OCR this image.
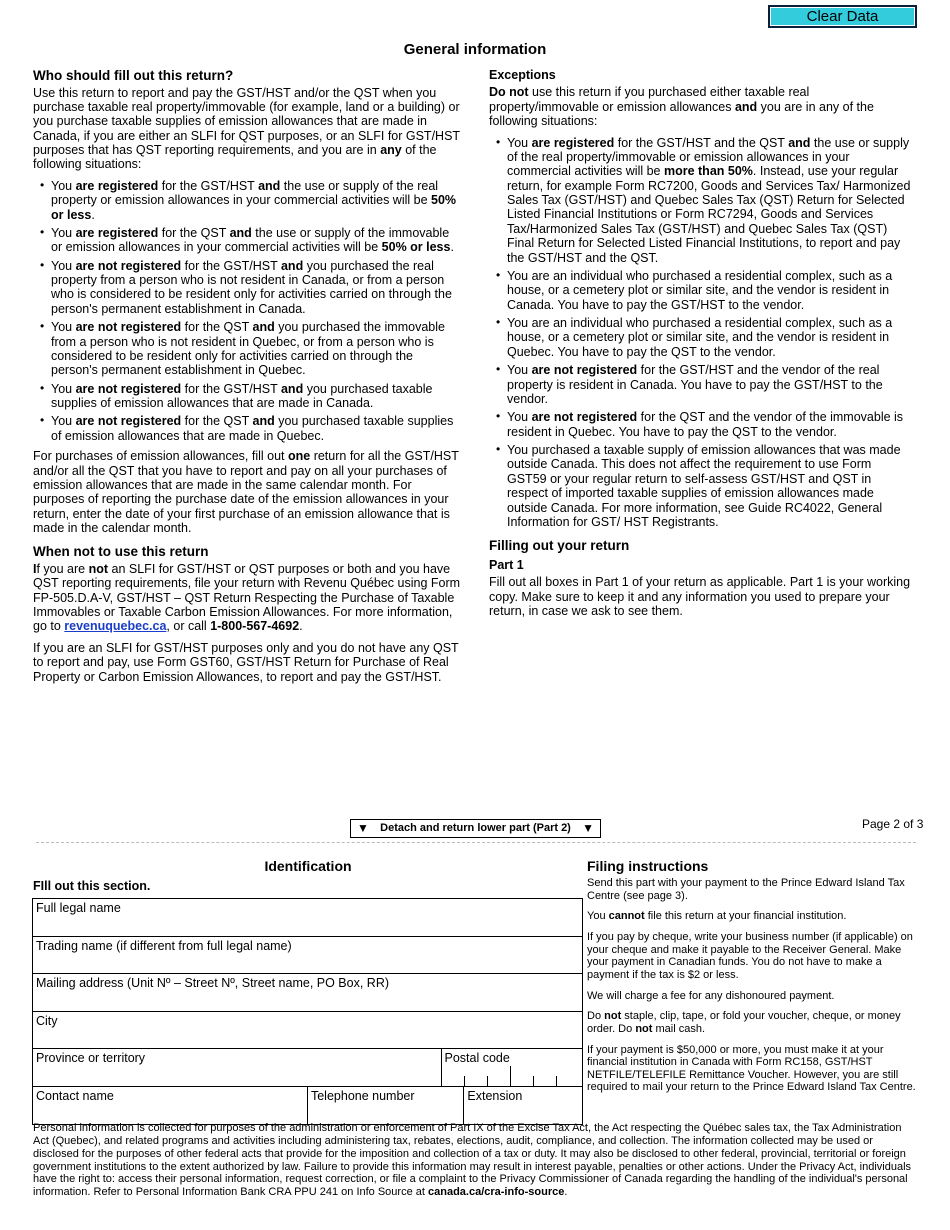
Clear Data
General information
Who should fill out this return?

Use this return to report and pay the GST/HST and/or the QST when you purchase taxable real property/immovable (for example, land or a building) or you purchase taxable supplies of emission allowances that are made in Canada, if you are either an SLFI for QST purposes, or an SLFI for GST/HST purposes that has QST reporting requirements, and you are in any of the following situations:

• You are registered for the GST/HST and the use or supply of the real property or emission allowances in your commercial activities will be 50% or less.
• You are registered for the QST and the use or supply of the immovable or emission allowances in your commercial activities will be 50% or less.
• You are not registered for the GST/HST and you purchased the real property from a person who is not resident in Canada, or from a person who is considered to be resident only for activities carried on through the person's permanent establishment in Canada.
• You are not registered for the QST and you purchased the immovable from a person who is not resident in Quebec, or from a person who is considered to be resident only for activities carried on through the person's permanent establishment in Quebec.
• You are not registered for the GST/HST and you purchased taxable supplies of emission allowances that are made in Canada.
• You are not registered for the QST and you purchased taxable supplies of emission allowances that are made in Quebec.

For purchases of emission allowances, fill out one return for all the GST/HST and/or all the QST that you have to report and pay on all your purchases of emission allowances that are made in the same calendar month. For purposes of reporting the purchase date of the emission allowances in your return, enter the date of your first purchase of an emission allowance that is made in the calendar month.

When not to use this return

If you are not an SLFI for GST/HST or QST purposes or both and you have QST reporting requirements, file your return with Revenu Québec using Form FP-505.D.A-V, GST/HST – QST Return Respecting the Purchase of Taxable Immovables or Taxable Carbon Emission Allowances. For more information, go to revenuquebec.ca, or call 1-800-567-4692.

If you are an SLFI for GST/HST purposes only and you do not have any QST to report and pay, use Form GST60, GST/HST Return for Purchase of Real Property or Carbon Emission Allowances, to report and pay the GST/HST.

Exceptions

Do not use this return if you purchased either taxable real property/immovable or emission allowances and you are in any of the following situations:

• You are registered for the GST/HST and the QST and the use or supply of the real property/immovable or emission allowances in your commercial activities will be more than 50%. Instead, use your regular return, for example Form RC7200, Goods and Services Tax/ Harmonized Sales Tax (GST/HST) and Quebec Sales Tax (QST) Return for Selected Listed Financial Institutions or Form RC7294, Goods and Services Tax/Harmonized Sales Tax (GST/HST) and Quebec Sales Tax (QST) Final Return for Selected Listed Financial Institutions, to report and pay the GST/HST and the QST.
• You are an individual who purchased a residential complex, such as a house, or a cemetery plot or similar site, and the vendor is resident in Canada. You have to pay the GST/HST to the vendor.
• You are an individual who purchased a residential complex, such as a house, or a cemetery plot or similar site, and the vendor is resident in Quebec. You have to pay the QST to the vendor.
• You are not registered for the GST/HST and the vendor of the real property is resident in Canada. You have to pay the GST/HST to the vendor.
• You are not registered for the QST and the vendor of the immovable is resident in Quebec. You have to pay the QST to the vendor.
• You purchased a taxable supply of emission allowances that was made outside Canada. This does not affect the requirement to use Form GST59 or your regular return to self-assess GST/HST and QST in respect of imported taxable supplies of emission allowances made outside Canada. For more information, see Guide RC4022, General Information for GST/ HST Registrants.
Filling out your return
Part 1

Fill out all boxes in Part 1 of your return as applicable. Part 1 is your working copy. Make sure to keep it and any information you used to prepare your return, in case we ask to see them.

Page 2 of 3
▼ Detach and return lower part (Part 2) ▼
Identification
FIll out this section.
Full legal name
Trading name (if different from full legal name)
Mailing address (Unit Nº – Street Nº, Street name, PO Box, RR)
City
Province or territory	Postal code
Contact name	Telephone number	Extension
Filing instructions

Send this part with your payment to the Prince Edward Island Tax Centre (see page 3).

You cannot file this return at your financial institution.

If you pay by cheque, write your business number (if applicable) on your cheque and make it payable to the Receiver General. Make your payment in Canadian funds. You do not have to make a payment if the tax is $2 or less.

We will charge a fee for any dishonoured payment.

Do not staple, clip, tape, or fold your voucher, cheque, or money order. Do not mail cash.

If your payment is $50,000 or more, you must make it at your financial institution in Canada with Form RC158, GST/HST NETFILE/TELEFILE Remittance Voucher. However, you are still required to mail your return to the Prince Edward Island Tax Centre.

Personal information is collected for purposes of the administration or enforcement of Part IX of the Excise Tax Act, the Act respecting the Québec sales tax, the Tax Administration Act (Quebec), and related programs and activities including administering tax, rebates, elections, audit, compliance, and collection. The information collected may be used or disclosed for the purposes of other federal acts that provide for the imposition and collection of a tax or duty. It may also be disclosed to other federal, provincial, territorial or foreign government institutions to the extent authorized by law. Failure to provide this information may result in interest payable, penalties or other actions. Under the Privacy Act, individuals have the right to: access their personal information, request correction, or file a complaint to the Privacy Commissioner of Canada regarding the handling of the individual's personal information. Refer to Personal Information Bank CRA PPU 241 on Info Source at canada.ca/cra-info-source.
